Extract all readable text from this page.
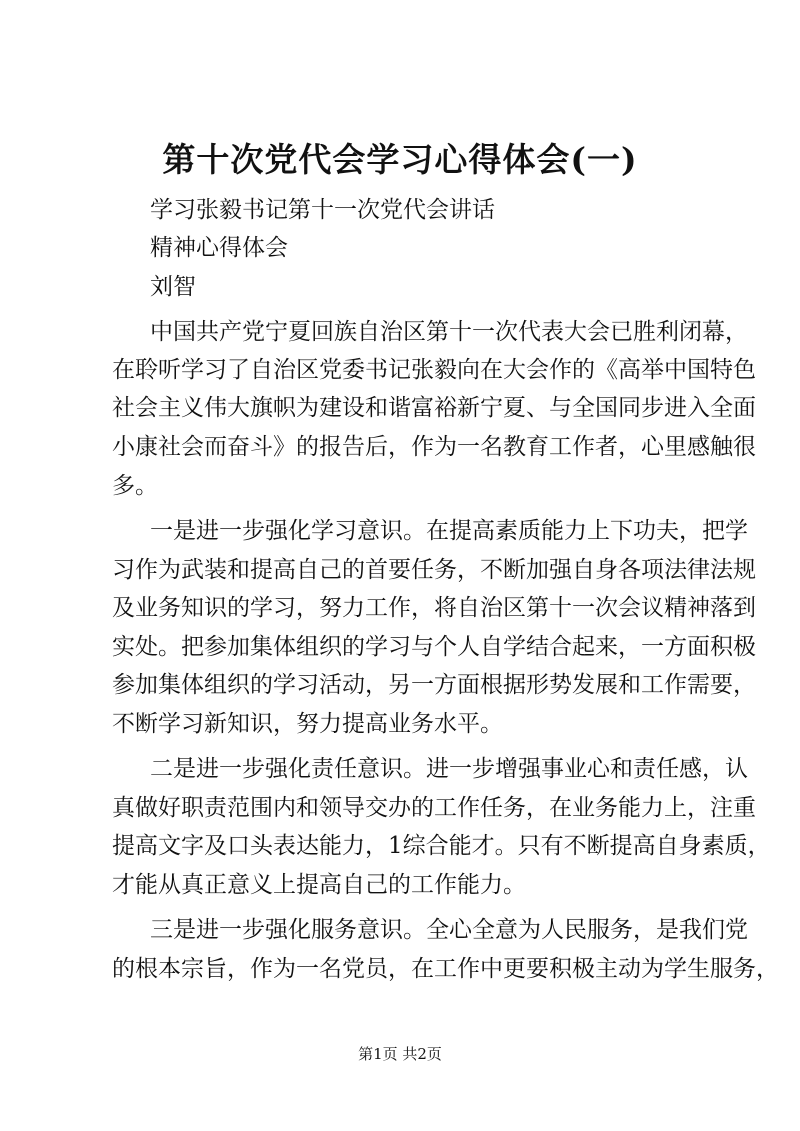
第十次党代会学习心得体会(一)
学习张毅书记第十一次党代会讲话
精神心得体会
刘智
中国共产党宁夏回族自治区第十一次代表大会已胜利闭幕，
在聆听学习了自治区党委书记张毅向在大会作的《高举中国特色
社会主义伟大旗帜为建设和谐富裕新宁夏、与全国同步进入全面
小康社会而奋斗》的报告后，作为一名教育工作者，心里感触很
多。
一是进一步强化学习意识。在提高素质能力上下功夫，把学
习作为武装和提高自己的首要任务，不断加强自身各项法律法规
及业务知识的学习，努力工作，将自治区第十一次会议精神落到
实处。把参加集体组织的学习与个人自学结合起来，一方面积极
参加集体组织的学习活动，另一方面根据形势发展和工作需要，
不断学习新知识，努力提高业务水平。
二是进一步强化责任意识。进一步增强事业心和责任感，认
真做好职责范围内和领导交办的工作任务，在业务能力上，注重
提高文字及口头表达能力，1综合能才。只有不断提高自身素质，
才能从真正意义上提高自己的工作能力。
三是进一步强化服务意识。全心全意为人民服务，是我们党
的根本宗旨，作为一名党员，在工作中更要积极主动为学生服务，
第1页 共2页
